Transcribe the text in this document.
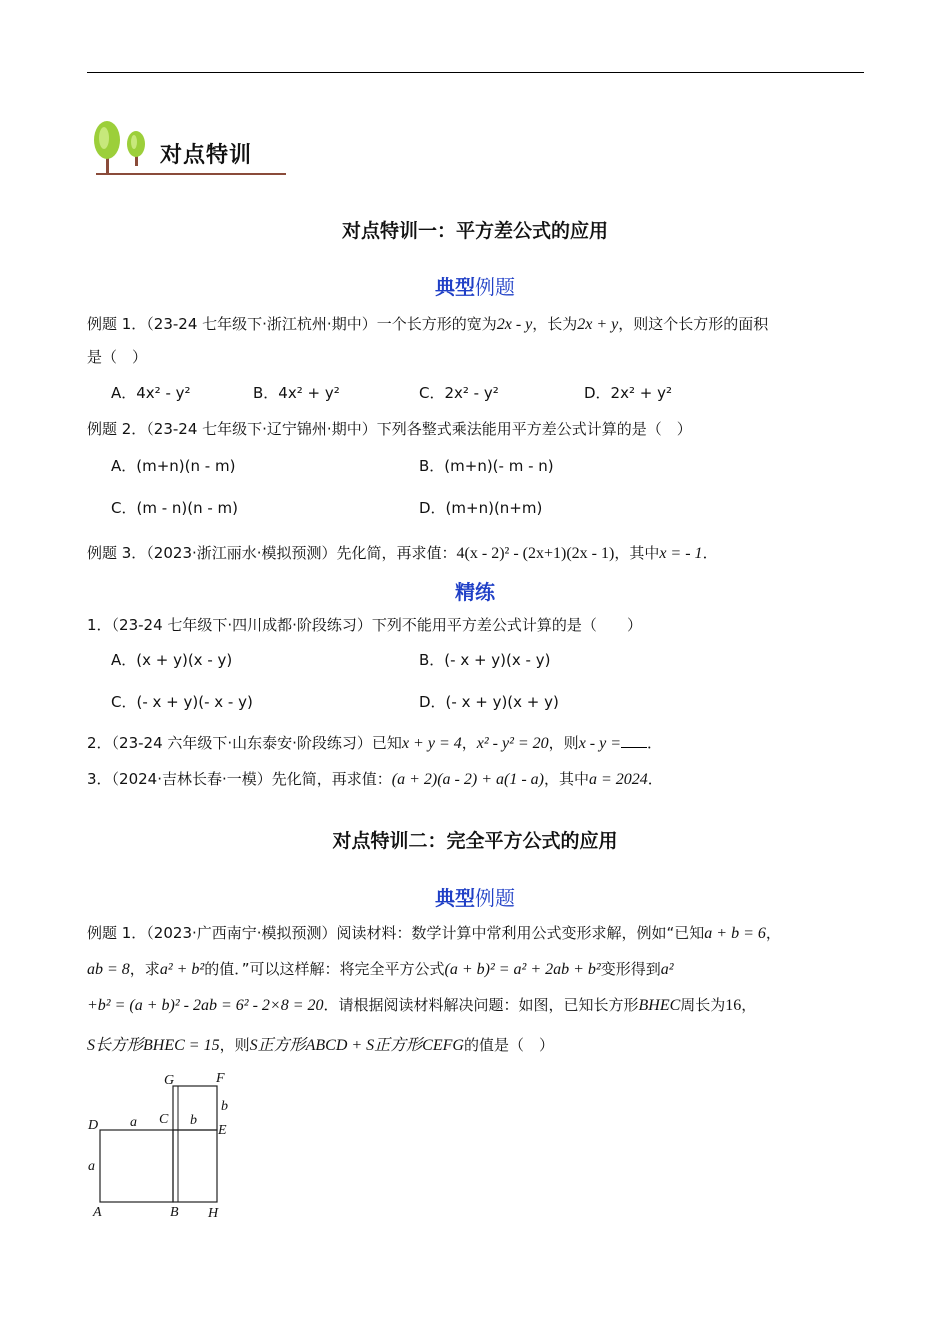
对点特训
对点特训一：平方差公式的应用
典型例题
例题 1．（23-24 七年级下·浙江杭州·期中）一个长方形的宽为2x - y，长为2x + y，则这个长方形的面积
是（　）
A．4x² - y²	B．4x² + y²	C．2x² - y²	D．2x² + y²
例题 2．（23-24 七年级下·辽宁锦州·期中）下列各整式乘法能用平方差公式计算的是（　）
A．(m+n)(n - m)	B．(m+n)(- m - n)
C．(m - n)(n - m)	D．(m+n)(n+m)
例题 3．（2023·浙江丽水·模拟预测）先化简，再求值：4(x - 2)² - (2x+1)(2x - 1)，其中x = - 1．
精练
1．（23-24 七年级下·四川成都·阶段练习）下列不能用平方差公式计算的是（　　）
A．(x + y)(x - y)	B．(- x + y)(x - y)
C．(- x + y)(- x - y)	D．(- x + y)(x + y)
2．（23-24 六年级下·山东泰安·阶段练习）已知x + y = 4，x² - y² = 20，则x - y = ．
3．（2024·吉林长春·一模）先化简，再求值：(a + 2)(a - 2) + a(1 - a)，其中a = 2024．
对点特训二：完全平方公式的应用
典型例题
例题 1．（2023·广西南宁·模拟预测）阅读材料：数学计算中常利用公式变形求解，例如“已知a + b = 6，
ab = 8，求a² + b²的值．”可以这样解：将完全平方公式(a + b)² = a² + 2ab + b²变形得到a²
+b² = (a + b)² - 2ab = 6² - 2×8 = 20．请根据阅读材料解决问题：如图，已知长方形BHEC周长为16，
S长方形BHEC = 15，则S正方形ABCD + S正方形CEFG的值是（　）
G	F
b
D a C b
E
a
A	B H
